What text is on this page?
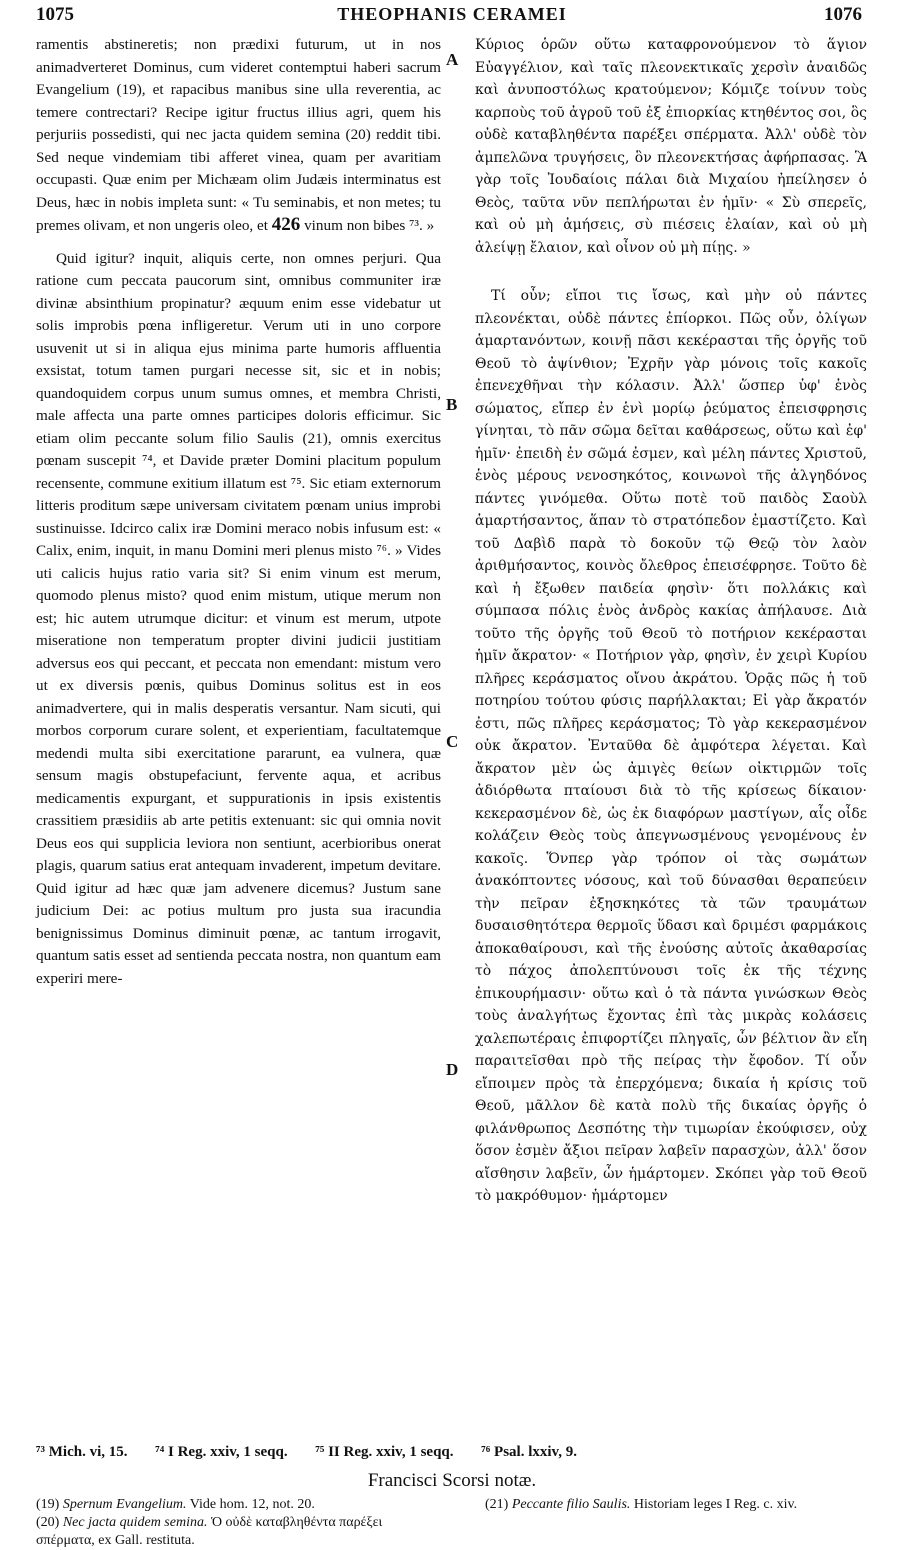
1075	THEOPHANIS CERAMEI	1076

ramentis abstineretis; non prædixi futurum, ut in nos animadverteret Dominus, cum videret contemptui haberi sacrum Evangelium (19), et rapacibus manibus sine ulla reverentia, ac temere contrectari? Recipe igitur fructus illius agri, quem his perjuriis possedisti, qui nec jacta quidem semina (20) reddit tibi. Sed neque vindemiam tibi afferet vinea, quam per avaritiam occupasti. Quæ enim per Michæam olim Judæis interminatus est Deus, hæc in nobis impleta sunt: « Tu seminabis, et non metes; tu premes olivam, et non ungeris oleo, et 426 vinum non bibes ⁷³. »

Quid igitur? inquit, aliquis certe, non omnes perjuri. Qua ratione cum peccata paucorum sint, omnibus communiter iræ divinæ absinthium propinatur? æquum enim esse videbatur ut solis improbis pœna infligeretur. Verum uti in uno corpore usuvenit ut si in aliqua ejus minima parte humoris affluentia exsistat, totum tamen purgari necesse sit, sic et in nobis; quandoquidem corpus unum sumus omnes, et membra Christi, male affecta una parte omnes participes doloris efficimur. Sic etiam olim peccante solum filio Saulis (21), omnis exercitus pœnam suscepit ⁷⁴, et Davide præter Domini placitum populum recensente, commune exitium illatum est ⁷⁵. Sic etiam externorum litteris proditum sæpe universam civitatem pœnam unius improbi sustinuisse. Idcirco calix iræ Domini meraco nobis infusum est: « Calix, enim, inquit, in manu Domini meri plenus misto ⁷⁶. » Vides uti calicis hujus ratio varia sit? Si enim vinum est merum, quomodo plenus misto? quod enim mistum, utique merum non est; hic autem utrumque dicitur: et vinum est merum, utpote miseratione non temperatum propter divini judicii justitiam adversus eos qui peccant, et peccata non emendant: mistum vero ut ex diversis pœnis, quibus Dominus solitus est in eos animadvertere, qui in malis desperatis versantur. Nam sicuti, qui morbos corporum curare solent, et experientiam, facultatemque medendi multa sibi exercitatione pararunt, ea vulnera, quæ sensum magis obstupefaciunt, fervente aqua, et acribus medicamentis expurgant, et suppurationis in ipsis existentis crassitiem præsidiis ab arte petitis extenuant: sic qui omnia novit Deus eos qui supplicia leviora non sentiunt, acerbioribus onerat plagis, quarum satius erat antequam invaderent, impetum devitare. Quid igitur ad hæc quæ jam advenere dicemus? Justum sane judicium Dei: ac potius multum pro justa sua iracundia benignissimus Dominus diminuit pœnæ, ac tantum irrogavit, quantum satis esset ad sentienda peccata nostra, non quantum eam experiri mere-

A
B
C
D

Κύριος ὁρῶν οὕτω καταφρονούμενον τὸ ἅγιον Εὐαγγέλιον, καὶ ταῖς πλεονεκτικαῖς χερσὶν ἀναιδῶς καὶ ἀνυποστόλως κρατούμενον; Κόμιζε τοίνυν τοὺς καρποὺς τοῦ ἀγροῦ τοῦ ἐξ ἐπιορκίας κτηθέντος σοι, ὃς οὐδὲ καταβληθέντα παρέξει σπέρματα. Ἀλλ' οὐδὲ τὸν ἀμπελῶνα τρυγήσεις, ὃν πλεονεκτήσας ἀφήρπασας. Ἃ γὰρ τοῖς Ἰουδαίοις πάλαι διὰ Μιχαίου ἠπείλησεν ὁ Θεὸς, ταῦτα νῦν πεπλήρωται ἐν ἡμῖν· « Σὺ σπερεῖς, καὶ οὐ μὴ ἀμήσεις, σὺ πιέσεις ἐλαίαν, καὶ οὐ μὴ ἀλείψῃ ἔλαιον, καὶ οἶνον οὐ μὴ πίῃς. »

Τί οὖν; εἴποι τις ἴσως, καὶ μὴν οὐ πάντες πλεονέκται, οὐδὲ πάντες ἐπίορκοι. Πῶς οὖν, ὀλίγων ἁμαρτανόντων, κοινῇ πᾶσι κεκέρασται τῆς ὀργῆς τοῦ Θεοῦ τὸ ἀψίνθιον; Ἐχρῆν γὰρ μόνοις τοῖς κακοῖς ἐπενεχθῆναι τὴν κόλασιν. Ἀλλ' ὥσπερ ὑφ' ἑνὸς σώματος, εἴπερ ἐν ἑνὶ μορίῳ ῥεύματος ἐπεισφρησις γίνηται, τὸ πᾶν σῶμα δεῖται καθάρσεως, οὕτω καὶ ἐφ' ἡμῖν· ἐπειδὴ ἐν σῶμά ἐσμεν, καὶ μέλη πάντες Χριστοῦ, ἑνὸς μέρους νενοσηκότος, κοινωνοὶ τῆς ἀλγηδόνος πάντες γινόμεθα. Οὕτω ποτὲ τοῦ παιδὸς Σαοὺλ ἁμαρτήσαντος, ἅπαν τὸ στρατόπεδον ἐμαστίζετο. Καὶ τοῦ Δαβὶδ παρὰ τὸ δοκοῦν τῷ Θεῷ τὸν λαὸν ἀριθμήσαντος, κοινὸς ὄλεθρος ἐπεισέφρησε. Τοῦτο δὲ καὶ ἡ ἔξωθεν παιδεία φησὶν· ὅτι πολλάκις καὶ σύμπασα πόλις ἑνὸς ἀνδρὸς κακίας ἀπήλαυσε. Διὰ τοῦτο τῆς ὀργῆς τοῦ Θεοῦ τὸ ποτήριον κεκέρασται ἡμῖν ἄκρατον· « Ποτήριον γὰρ, φησὶν, ἐν χειρὶ Κυρίου πλῆρες κεράσματος οἴνου ἀκράτου. Ὁρᾷς πῶς ἡ τοῦ ποτηρίου τούτου φύσις παρήλλακται; Εἰ γὰρ ἄκρατόν ἐστι, πῶς πλῆρες κεράσματος; Τὸ γὰρ κεκερασμένον οὐκ ἄκρατον. Ἐνταῦθα δὲ ἀμφότερα λέγεται. Καὶ ἄκρατον μὲν ὡς ἀμιγὲς θείων οἰκτιρμῶν τοῖς ἀδιόρθωτα πταίουσι διὰ τὸ τῆς κρίσεως δίκαιον· κεκερασμένον δὲ, ὡς ἐκ διαφόρων μαστίγων, αἷς οἶδε κολάζειν Θεὸς τοὺς ἀπεγνωσμένους γενομένους ἐν κακοῖς. Ὅνπερ γὰρ τρόπον οἱ τὰς σωμάτων ἀνακόπτοντες νόσους, καὶ τοῦ δύνασθαι θεραπεύειν τὴν πεῖραν ἐξησκηκότες τὰ τῶν τραυμάτων δυσαισθητότερα θερμοῖς ὕδασι καὶ δριμέσι φαρμάκοις ἀποκαθαίρουσι, καὶ τῆς ἐνούσης αὐτοῖς ἀκαθαρσίας τὸ πάχος ἀπολεπτύνουσι τοῖς ἐκ τῆς τέχνης ἐπικουρήμασιν· οὕτω καὶ ὁ τὰ πάντα γινώσκων Θεὸς τοὺς ἀναλγήτως ἔχοντας ἐπὶ τὰς μικρὰς κολάσεις χαλεπωτέραις ἐπιφορτίζει πληγαῖς, ὧν βέλτιον ἂν εἴη παραιτεῖσθαι πρὸ τῆς πείρας τὴν ἔφοδον. Τί οὖν εἴποιμεν πρὸς τὰ ἐπερχόμενα; δικαία ἡ κρίσις τοῦ Θεοῦ, μᾶλλον δὲ κατὰ πολὺ τῆς δικαίας ὀργῆς ὁ φιλάνθρωπος Δεσπότης τὴν τιμωρίαν ἐκούφισεν, οὐχ ὅσον ἐσμὲν ἄξιοι πεῖραν λαβεῖν παρασχὼν, ἀλλ' ὅσον αἴσθησιν λαβεῖν, ὧν ἡμάρτομεν. Σκόπει γὰρ τοῦ Θεοῦ τὸ μακρόθυμον· ἡμάρτομεν

⁷³ Mich. vi, 15. ⁷⁴ I Reg. xxiv, 1 seqq. ⁷⁵ II Reg. xxiv, 1 seqq. ⁷⁶ Psal. lxxiv, 9.
Francisci Scorsi notæ.

(19) Spernum Evangelium. Vide hom. 12, not. 20.

(20) Nec jacta quidem semina. Ὁ οὐδὲ καταβληθέντα παρέξει σπέρματα, ex Gall. restituta.

(21) Peccante filio Saulis. Historiam leges I Reg. c. xiv.
